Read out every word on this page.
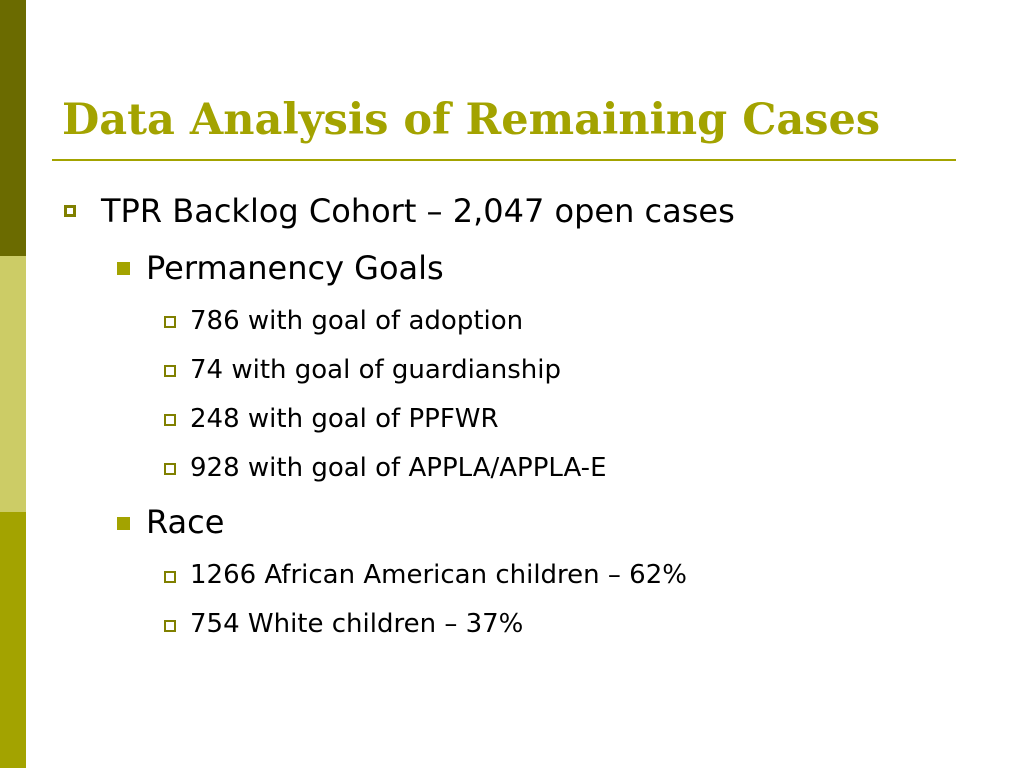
Data Analysis of Remaining Cases
TPR Backlog Cohort – 2,047 open cases
Permanency Goals
786 with goal of adoption
74 with goal of guardianship
248 with goal of PPFWR
928 with goal of APPLA/APPLA-E
Race
1266 African American children – 62%
754 White children – 37%
